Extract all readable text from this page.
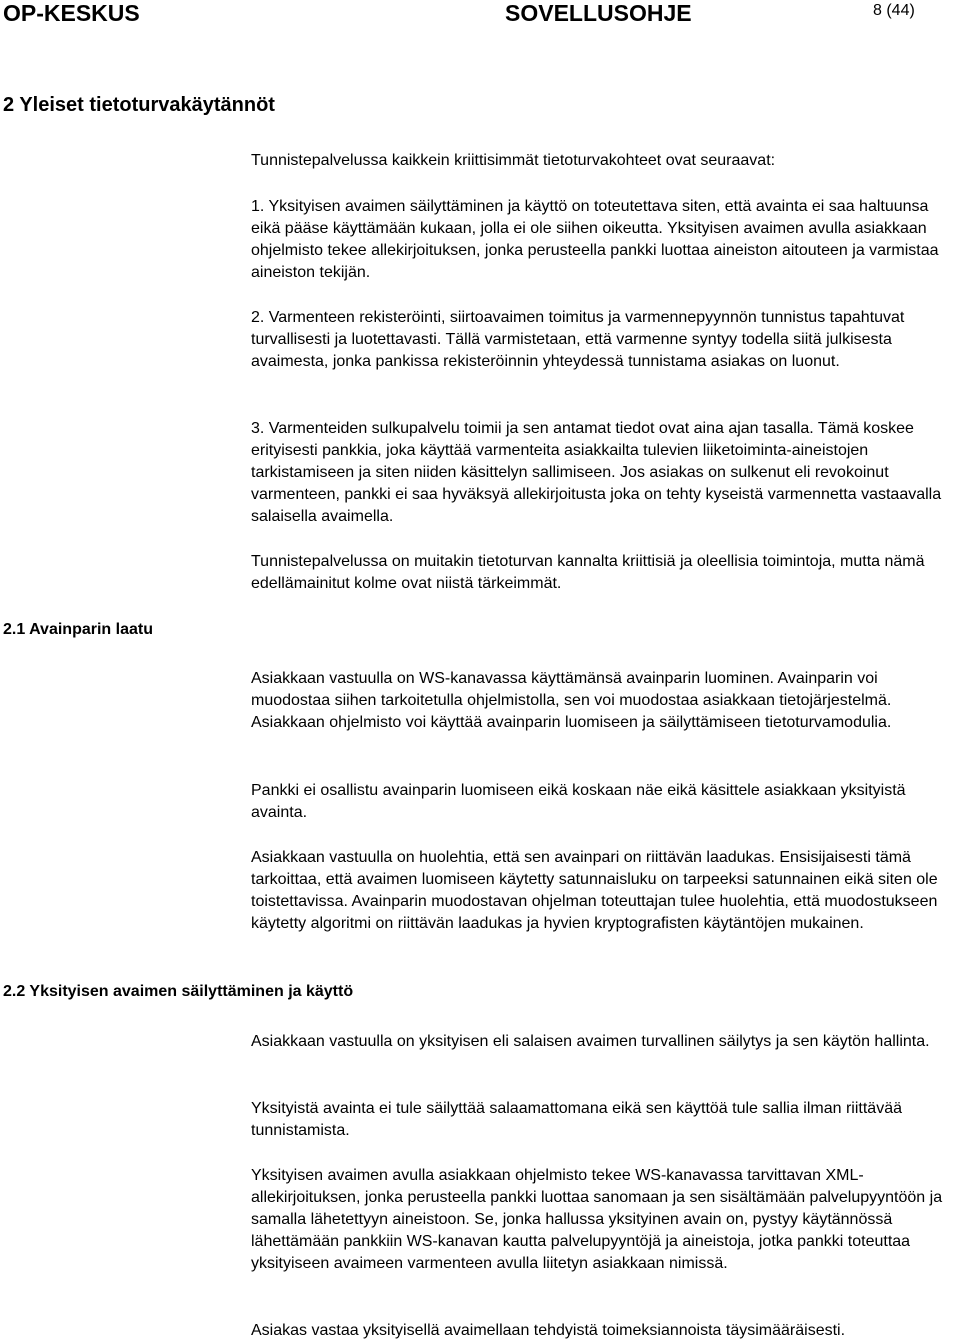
OP-KESKUS	SOVELLUSOHJE	8 (44)
2 Yleiset tietoturvakäytännöt

Tunnistepalvelussa kaikkein kriittisimmät tietoturvakohteet ovat seuraavat:

1. Yksityisen avaimen säilyttäminen ja käyttö on toteutettava siten, että avainta ei saa haltuunsa eikä pääse käyttämään kukaan, jolla ei ole siihen oikeutta. Yksityisen avaimen avulla asiakkaan ohjelmisto tekee allekirjoituksen, jonka perusteella pankki luottaa aineiston aitouteen ja varmistaa aineiston tekijän.

2. Varmenteen rekisteröinti, siirtoavaimen toimitus ja varmennepyynnön tunnistus tapahtuvat turvallisesti ja luotettavasti. Tällä varmistetaan, että varmenne syntyy todella siitä julkisesta avaimesta, jonka pankissa rekisteröinnin yhteydessä tunnistama asiakas on luonut.

3. Varmenteiden sulkupalvelu toimii ja sen antamat tiedot ovat aina ajan tasalla. Tämä koskee erityisesti pankkia, joka käyttää varmenteita asiakkailta tulevien liiketoiminta-aineistojen tarkistamiseen ja siten niiden käsittelyn sallimiseen. Jos asiakas on sulkenut eli revokoinut varmenteen, pankki ei saa hyväksyä allekirjoitusta joka on tehty kyseistä varmennetta vastaavalla salaisella avaimella.

Tunnistepalvelussa on muitakin tietoturvan kannalta kriittisiä ja oleellisia toimintoja, mutta nämä edellämainitut kolme ovat niistä tärkeimmät.

2.1 Avainparin laatu

Asiakkaan vastuulla on WS-kanavassa käyttämänsä avainparin luominen. Avainparin voi muodostaa siihen tarkoitetulla ohjelmistolla, sen voi muodostaa asiakkaan tietojärjestelmä. Asiakkaan ohjelmisto voi käyttää avainparin luomiseen ja säilyttämiseen tietoturvamodulia.

Pankki ei osallistu avainparin luomiseen eikä koskaan näe eikä käsittele asiakkaan yksityistä avainta.

Asiakkaan vastuulla on huolehtia, että sen avainpari on riittävän laadukas. Ensisijaisesti tämä tarkoittaa, että avaimen luomiseen käytetty satunnaisluku on tarpeeksi satunnainen eikä siten ole toistettavissa. Avainparin muodostavan ohjelman toteuttajan tulee huolehtia, että muodostukseen käytetty algoritmi on riittävän laadukas ja hyvien kryptografisten käytäntöjen mukainen.

2.2 Yksityisen avaimen säilyttäminen ja käyttö

Asiakkaan vastuulla on yksityisen eli salaisen avaimen turvallinen säilytys ja sen käytön hallinta.

Yksityistä avainta ei tule säilyttää salaamattomana eikä sen käyttöä tule sallia ilman riittävää tunnistamista.

Yksityisen avaimen avulla asiakkaan ohjelmisto tekee WS-kanavassa tarvittavan XML-allekirjoituksen, jonka perusteella pankki luottaa sanomaan ja sen sisältämään palvelupyyntöön ja samalla lähetettyyn aineistoon. Se, jonka hallussa yksityinen avain on, pystyy käytännössä lähettämään pankkiin WS-kanavan kautta palvelupyyntöjä ja aineistoja, jotka pankki toteuttaa yksityiseen avaimeen varmenteen avulla liitetyn asiakkaan nimissä.

Asiakas vastaa yksityisellä avaimellaan tehdyistä toimeksiannoista täysimääräisesti.
